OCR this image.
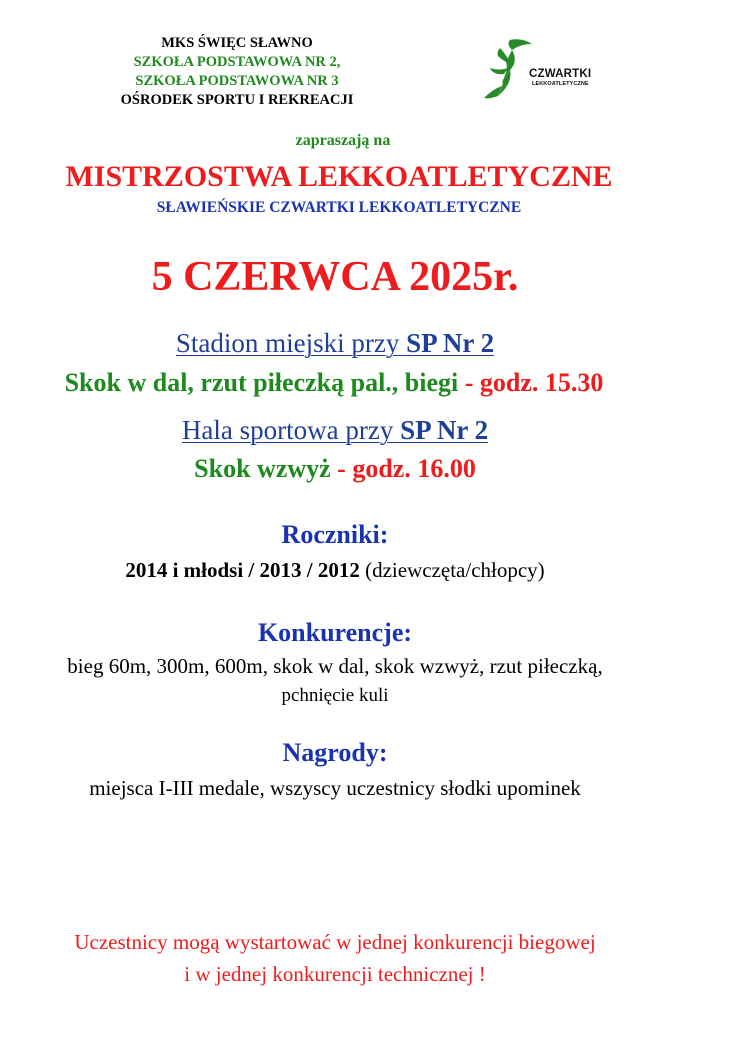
MKS ŚWIĘC SŁAWNO
SZKOŁA PODSTAWOWA NR 2,
SZKOŁA PODSTAWOWA NR 3
OŚRODEK SPORTU I REKREACJI
CZWARTKI
LEKKOATLETYCZNE
zapraszają na
MISTRZOSTWA LEKKOATLETYCZNE
SŁAWIEŃSKIE CZWARTKI LEKKOATLETYCZNE
5 CZERWCA 2025r.
Stadion miejski przy SP Nr 2
Skok w dal, rzut piłeczką pal., biegi - godz. 15.30
Hala sportowa przy SP Nr 2
Skok wzwyż - godz. 16.00
Roczniki:
2014 i młodsi / 2013 / 2012 (dziewczęta/chłopcy)
Konkurencje:
bieg 60m, 300m, 600m, skok w dal, skok wzwyż, rzut piłeczką,
pchnięcie kuli
Nagrody:
miejsca I-III medale, wszyscy uczestnicy słodki upominek
Uczestnicy mogą wystartować w jednej konkurencji biegowej
i w jednej konkurencji technicznej !
